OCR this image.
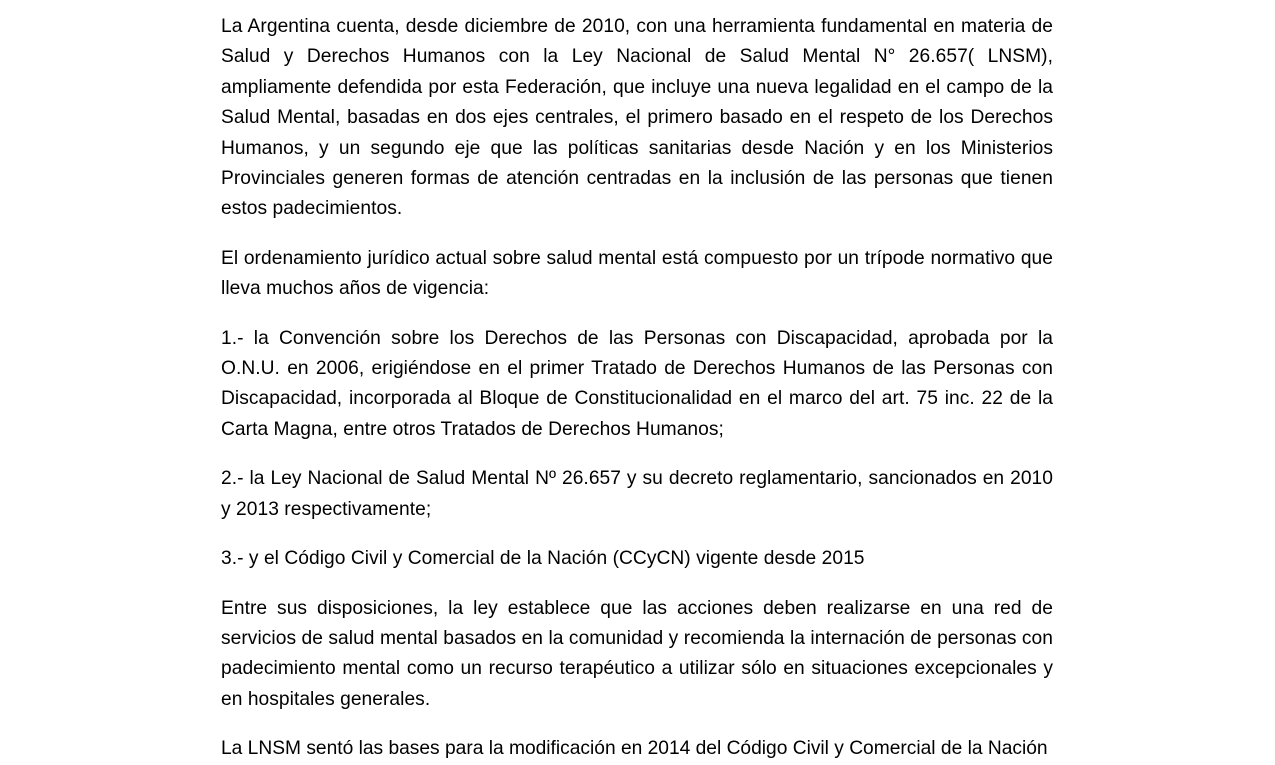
La Argentina cuenta, desde diciembre de 2010, con una herramienta fundamental en materia de Salud y Derechos Humanos con la Ley Nacional de Salud Mental N° 26.657( LNSM), ampliamente defendida por esta Federación, que incluye una nueva legalidad en el campo de la Salud Mental, basadas en dos ejes centrales, el primero basado en el respeto de los Derechos Humanos, y un segundo eje que las políticas sanitarias desde Nación y en los Ministerios Provinciales generen formas de atención centradas en la inclusión de las personas que tienen estos padecimientos.

El ordenamiento jurídico actual sobre salud mental está compuesto por un trípode normativo que lleva muchos años de vigencia:

1.- la Convención sobre los Derechos de las Personas con Discapacidad, aprobada por la O.N.U. en 2006, erigiéndose en el primer Tratado de Derechos Humanos de las Personas con Discapacidad, incorporada al Bloque de Constitucionalidad en el marco del art. 75 inc. 22 de la Carta Magna, entre otros Tratados de Derechos Humanos;

2.- la Ley Nacional de Salud Mental Nº 26.657 y su decreto reglamentario, sancionados en 2010 y 2013 respectivamente;

3.- y el Código Civil y Comercial de la Nación (CCyCN) vigente desde 2015

Entre sus disposiciones, la ley establece que las acciones deben realizarse en una red de servicios de salud mental basados en la comunidad y recomienda la internación de personas con padecimiento mental como un recurso terapéutico a utilizar sólo en situaciones excepcionales y en hospitales generales.

La LNSM sentó las bases para la modificación en 2014 del Código Civil y Comercial de la Nación
